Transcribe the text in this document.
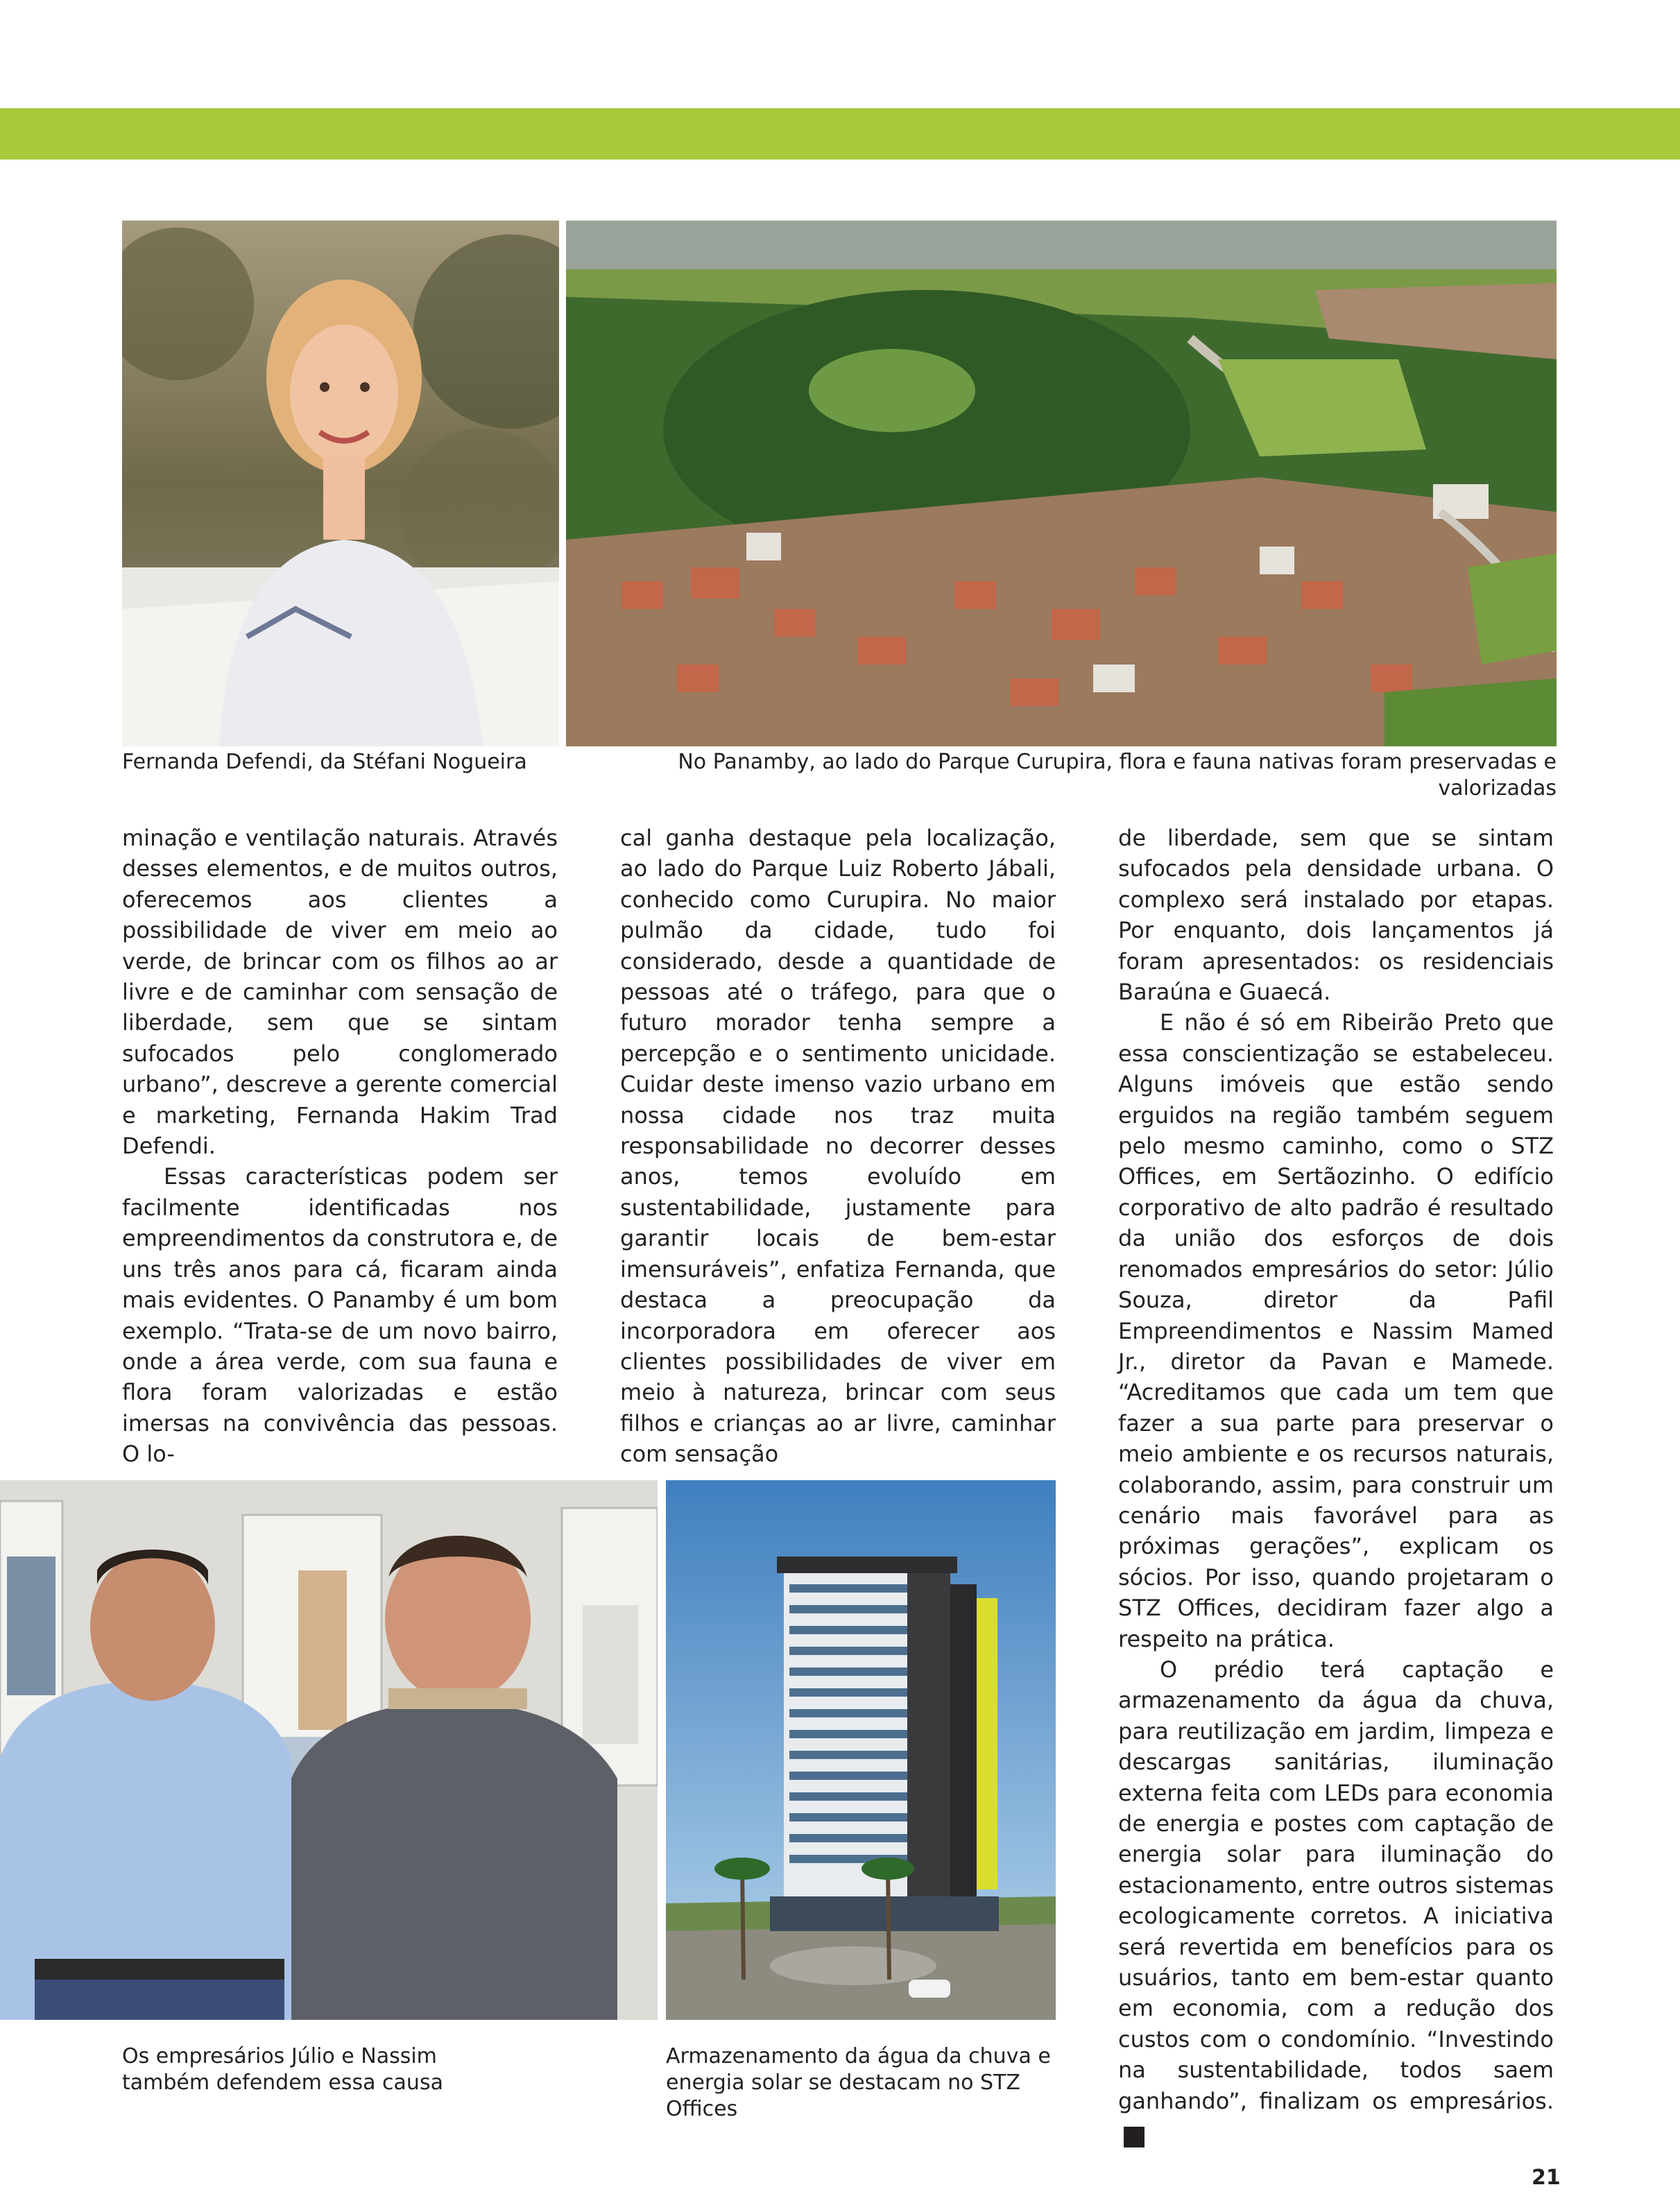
Fernanda Defendi, da Stéfani Nogueira	No Panamby, ao lado do Parque Curupira, flora e fauna nativas foram preservadas e valorizadas

minação e ventilação naturais. Através desses elementos, e de muitos outros, oferecemos aos clientes a possibilidade de viver em meio ao verde, de brincar com os filhos ao ar livre e de caminhar com sensação de liberdade, sem que se sintam sufocados pelo conglomerado urbano”, descreve a gerente comercial e marketing, Fernanda Hakim Trad Defendi.

Essas características podem ser facilmente identificadas nos empreendimentos da construtora e, de uns três anos para cá, ficaram ainda mais evidentes. O Panamby é um bom exemplo. “Trata-se de um novo bairro, onde a área verde, com sua fauna e flora foram valorizadas e estão imersas na convivência das pessoas. O lo-

cal ganha destaque pela localização, ao lado do Parque Luiz Roberto Jábali, conhecido como Curupira. No maior pulmão da cidade, tudo foi considerado, desde a quantidade de pessoas até o tráfego, para que o futuro morador tenha sempre a percepção e o sentimento unicidade. Cuidar deste imenso vazio urbano em nossa cidade nos traz muita responsabilidade no decorrer desses anos, temos evoluído em sustentabilidade, justamente para garantir locais de bem-estar imensuráveis”, enfatiza Fernanda, que destaca a preocupação da incorporadora em oferecer aos clientes possibilidades de viver em meio à natureza, brincar com seus filhos e crianças ao ar livre, caminhar com sensação

de liberdade, sem que se sintam sufocados pela densidade urbana. O complexo será instalado por etapas. Por enquanto, dois lançamentos já foram apresentados: os residenciais Baraúna e Guaecá.

E não é só em Ribeirão Preto que essa conscientização se estabeleceu. Alguns imóveis que estão sendo erguidos na região também seguem pelo mesmo caminho, como o STZ Offices, em Sertãozinho. O edifício corporativo de alto padrão é resultado da união dos esforços de dois renomados empresários do setor: Júlio Souza, diretor da Pafil Empreendimentos e Nassim Mamed Jr., diretor da Pavan e Mamede. “Acreditamos que cada um tem que fazer a sua parte para preservar o meio ambiente e os recursos naturais, colaborando, assim, para construir um cenário mais favorável para as próximas gerações”, explicam os sócios. Por isso, quando projetaram o STZ Offices, decidiram fazer algo a respeito na prática.

O prédio terá captação e armazenamento da água da chuva, para reutilização em jardim, limpeza e descargas sanitárias, iluminação externa feita com LEDs para economia de energia e postes com captação de energia solar para iluminação do estacionamento, entre outros sistemas ecologicamente corretos. A iniciativa será revertida em benefícios para os usuários, tanto em bem-estar quanto em economia, com a redução dos custos com o condomínio. “Investindo na sustentabilidade, todos saem ganhando”, finalizam os empresários.r

Os empresários Júlio e Nassim
também defendem essa causa
Armazenamento da água da chuva e
energia solar se destacam no STZ Offices
21
